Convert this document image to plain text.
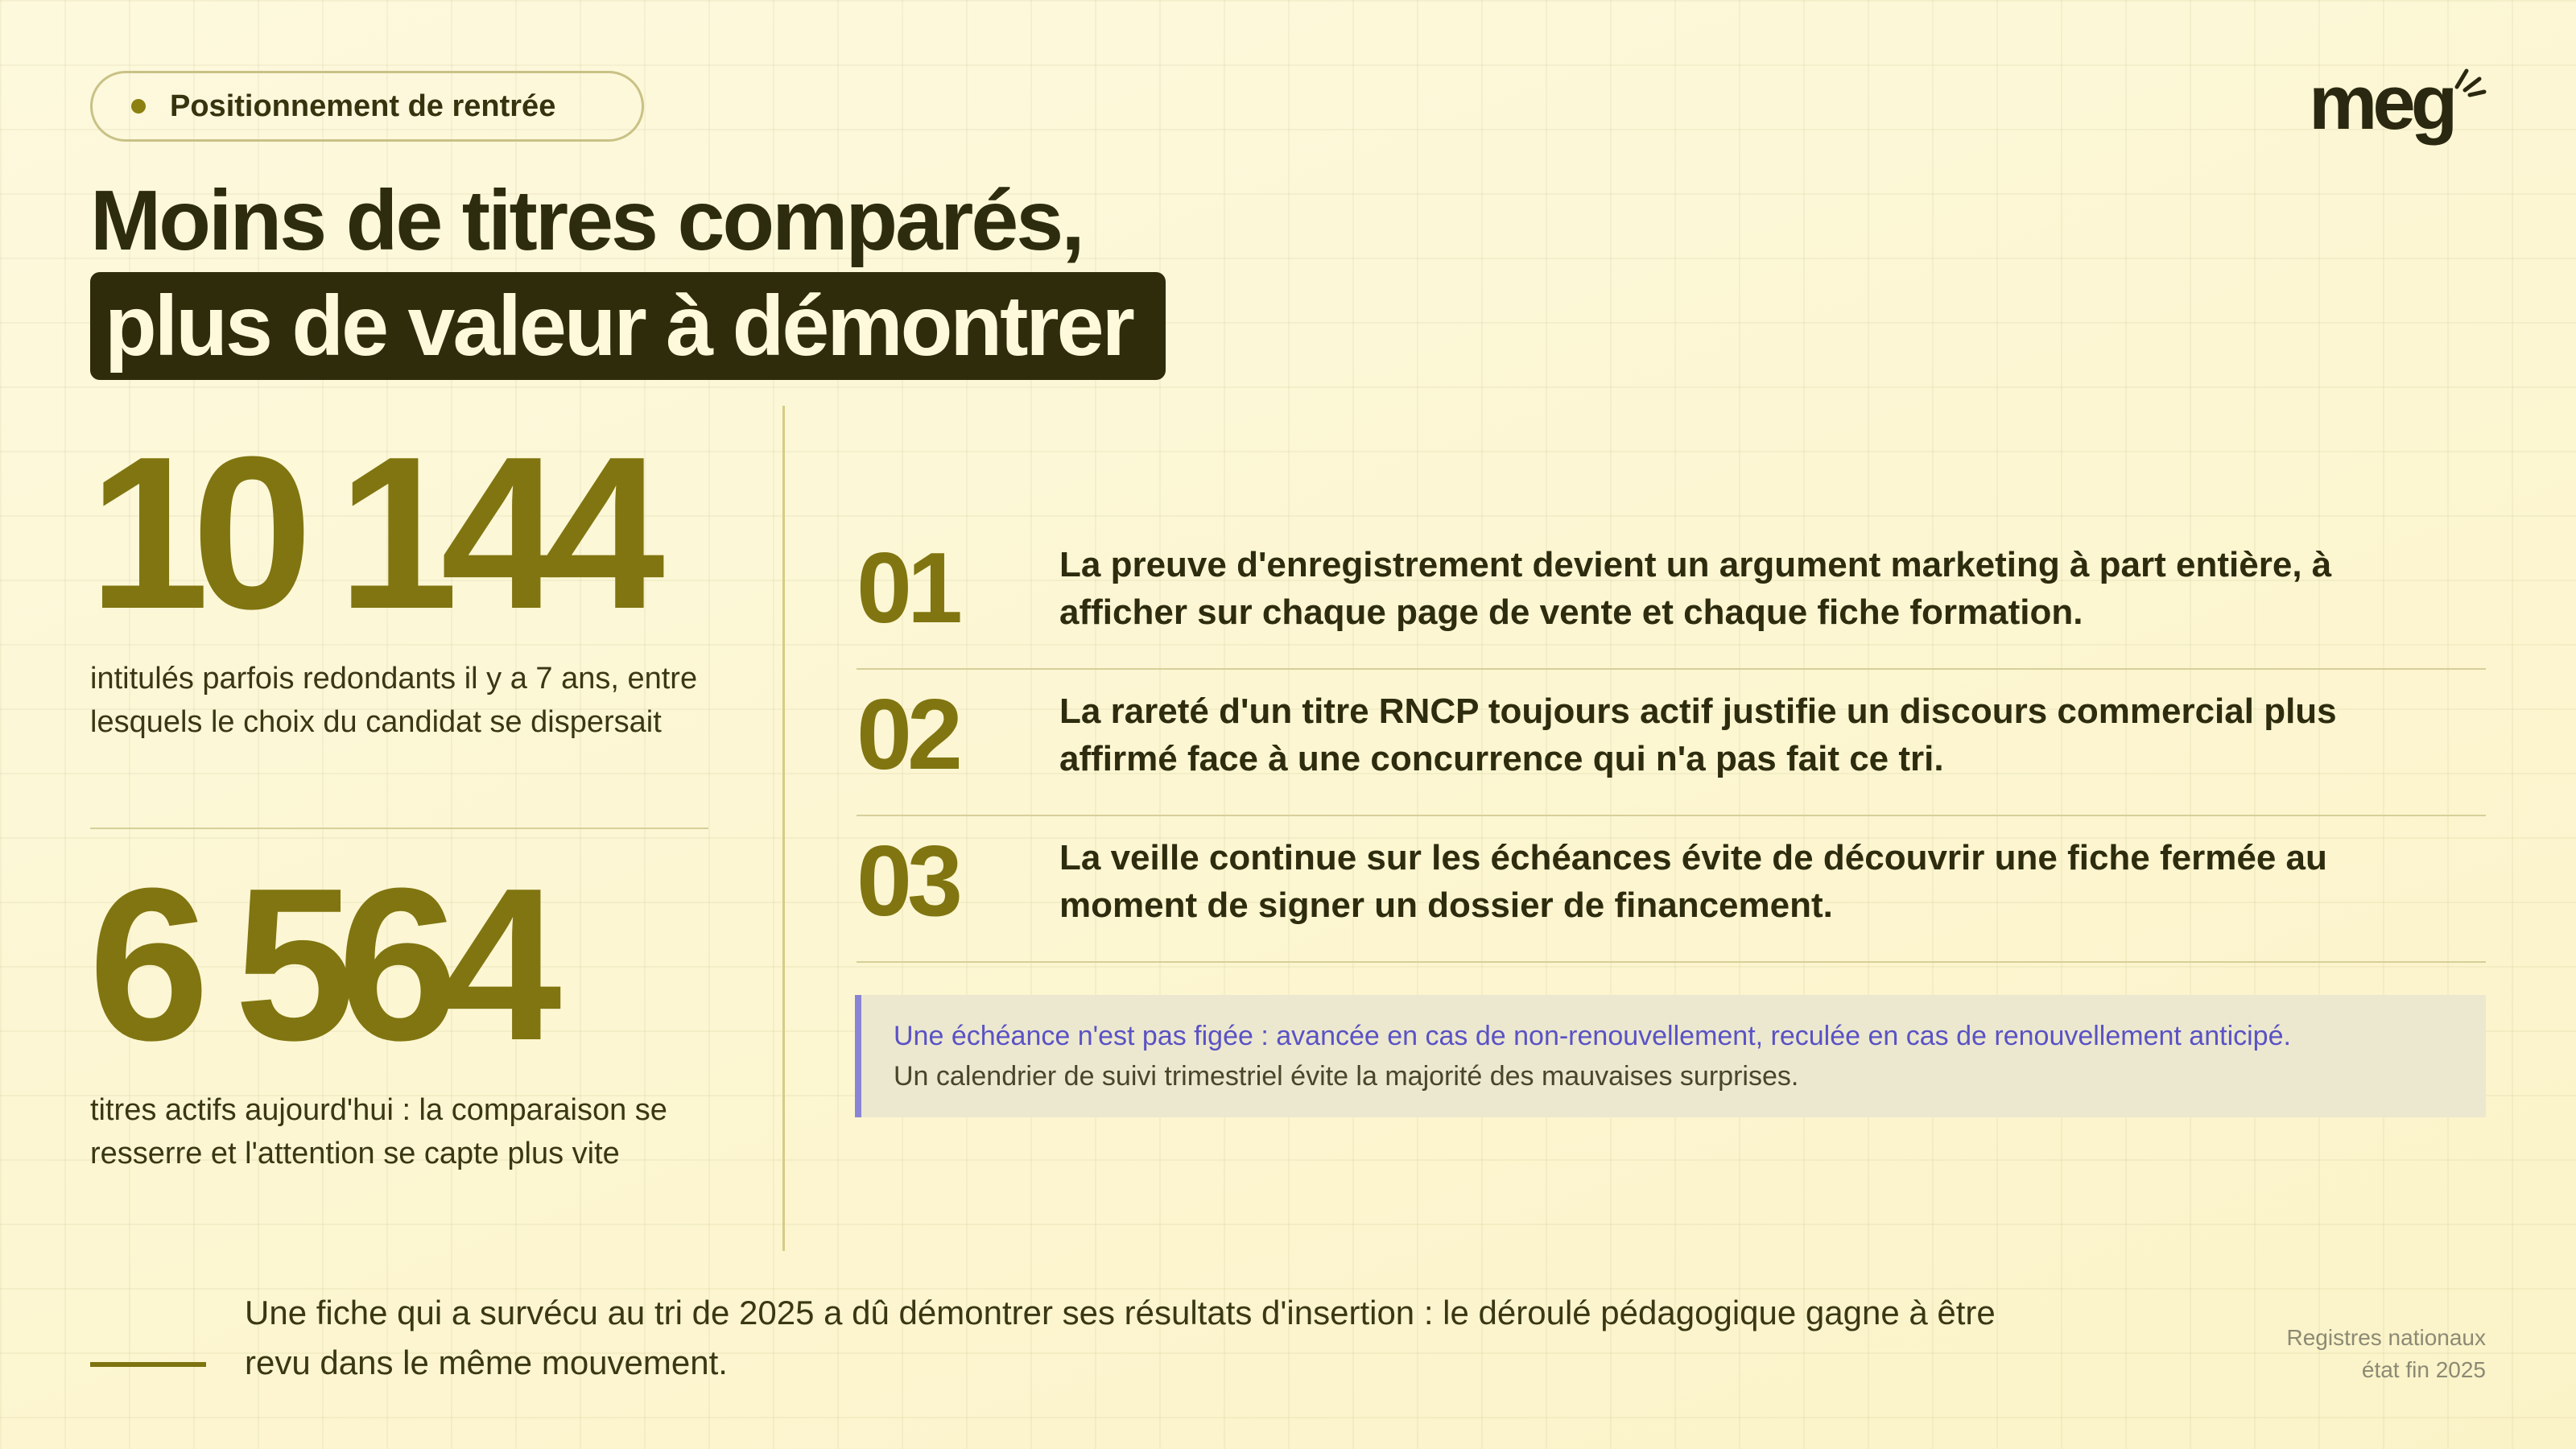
Positionnement de rentrée	meg
Moins de titres comparés,
plus de valeur à démontrer
10 144
intitulés parfois redondants il y a 7 ans, entre lesquels le choix du candidat se dispersait
6 564
titres actifs aujourd'hui : la comparaison se resserre et l'attention se capte plus vite
01	La preuve d'enregistrement devient un argument marketing à part entière, à afficher sur chaque page de vente et chaque fiche formation.
02	La rareté d'un titre RNCP toujours actif justifie un discours commercial plus affirmé face à une concurrence qui n'a pas fait ce tri.
03	La veille continue sur les échéances évite de découvrir une fiche fermée au moment de signer un dossier de financement.
Une échéance n'est pas figée : avancée en cas de non-renouvellement, reculée en cas de renouvellement anticipé.
Un calendrier de suivi trimestriel évite la majorité des mauvaises surprises.
Une fiche qui a survécu au tri de 2025 a dû démontrer ses résultats d'insertion : le déroulé pédagogique gagne à être revu dans le même mouvement.
Registres nationaux
état fin 2025
